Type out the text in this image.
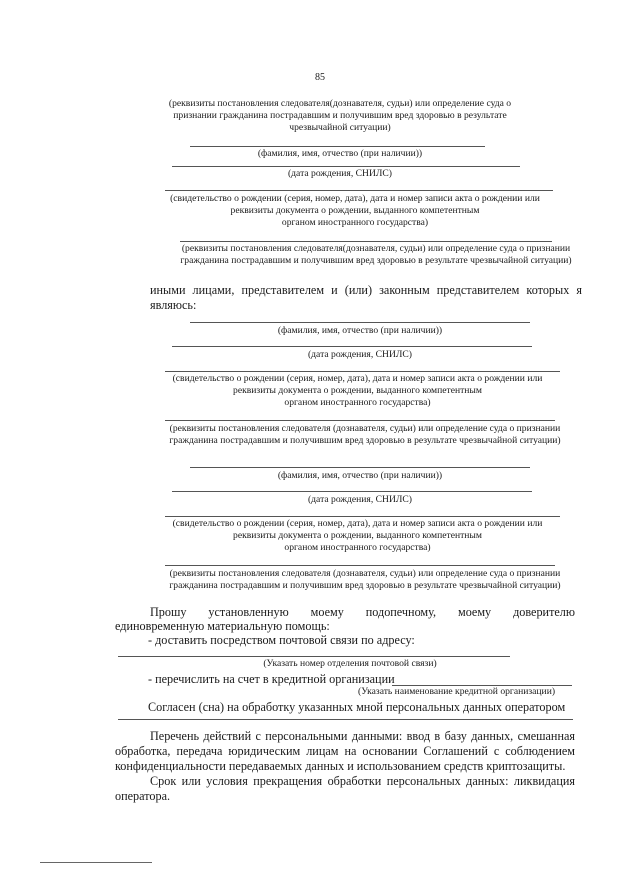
85
(реквизиты постановления следователя(дознавателя, судьи) или определение суда о
признании гражданина пострадавшим и получившим вред здоровью в результате
чрезвычайной ситуации)
(фамилия, имя, отчество (при наличии))
(дата рождения, СНИЛС)
(свидетельство о рождении (серия, номер, дата), дата и номер записи акта о рождении или
реквизиты документа о рождении, выданного компетентным
органом иностранного государства)
(реквизиты постановления следователя(дознавателя, судьи) или определение суда о признании
гражданина пострадавшим и получившим вред здоровью в результате чрезвычайной ситуации)
иными лицами, представителем и (или) законным представителем которых я
являюсь:
(фамилия, имя, отчество (при наличии))
(дата рождения, СНИЛС)
(свидетельство о рождении (серия, номер, дата), дата и номер записи акта о рождении или
реквизиты документа о рождении, выданного компетентным
органом иностранного государства)
(реквизиты постановления следователя (дознавателя, судьи) или определение суда о признании
гражданина пострадавшим и получившим вред здоровью в результате чрезвычайной ситуации)
(фамилия, имя, отчество (при наличии))
(дата рождения, СНИЛС)
(свидетельство о рождении (серия, номер, дата), дата и номер записи акта о рождении или
реквизиты документа о рождении, выданного компетентным
органом иностранного государства)
(реквизиты постановления следователя (дознавателя, судьи) или определение суда о признании
гражданина пострадавшим и получившим вред здоровью в результате чрезвычайной ситуации)
Прошу установленную моему подопечному, моему доверителю
единовременную материальную помощь:
- доставить посредством почтовой связи по адресу:
(Указать номер отделения почтовой связи)
- перечислить на счет в кредитной организации
(Указать наименование кредитной организации)
Согласен (сна) на обработку указанных мной персональных данных оператором
Перечень действий с персональными данными: ввод в базу данных, смешанная
обработка, передача юридическим лицам на основании Соглашений с соблюдением
конфиденциальности передаваемых данных и использованием средств криптозащиты.
Срок или условия прекращения обработки персональных данных: ликвидация
оператора.
